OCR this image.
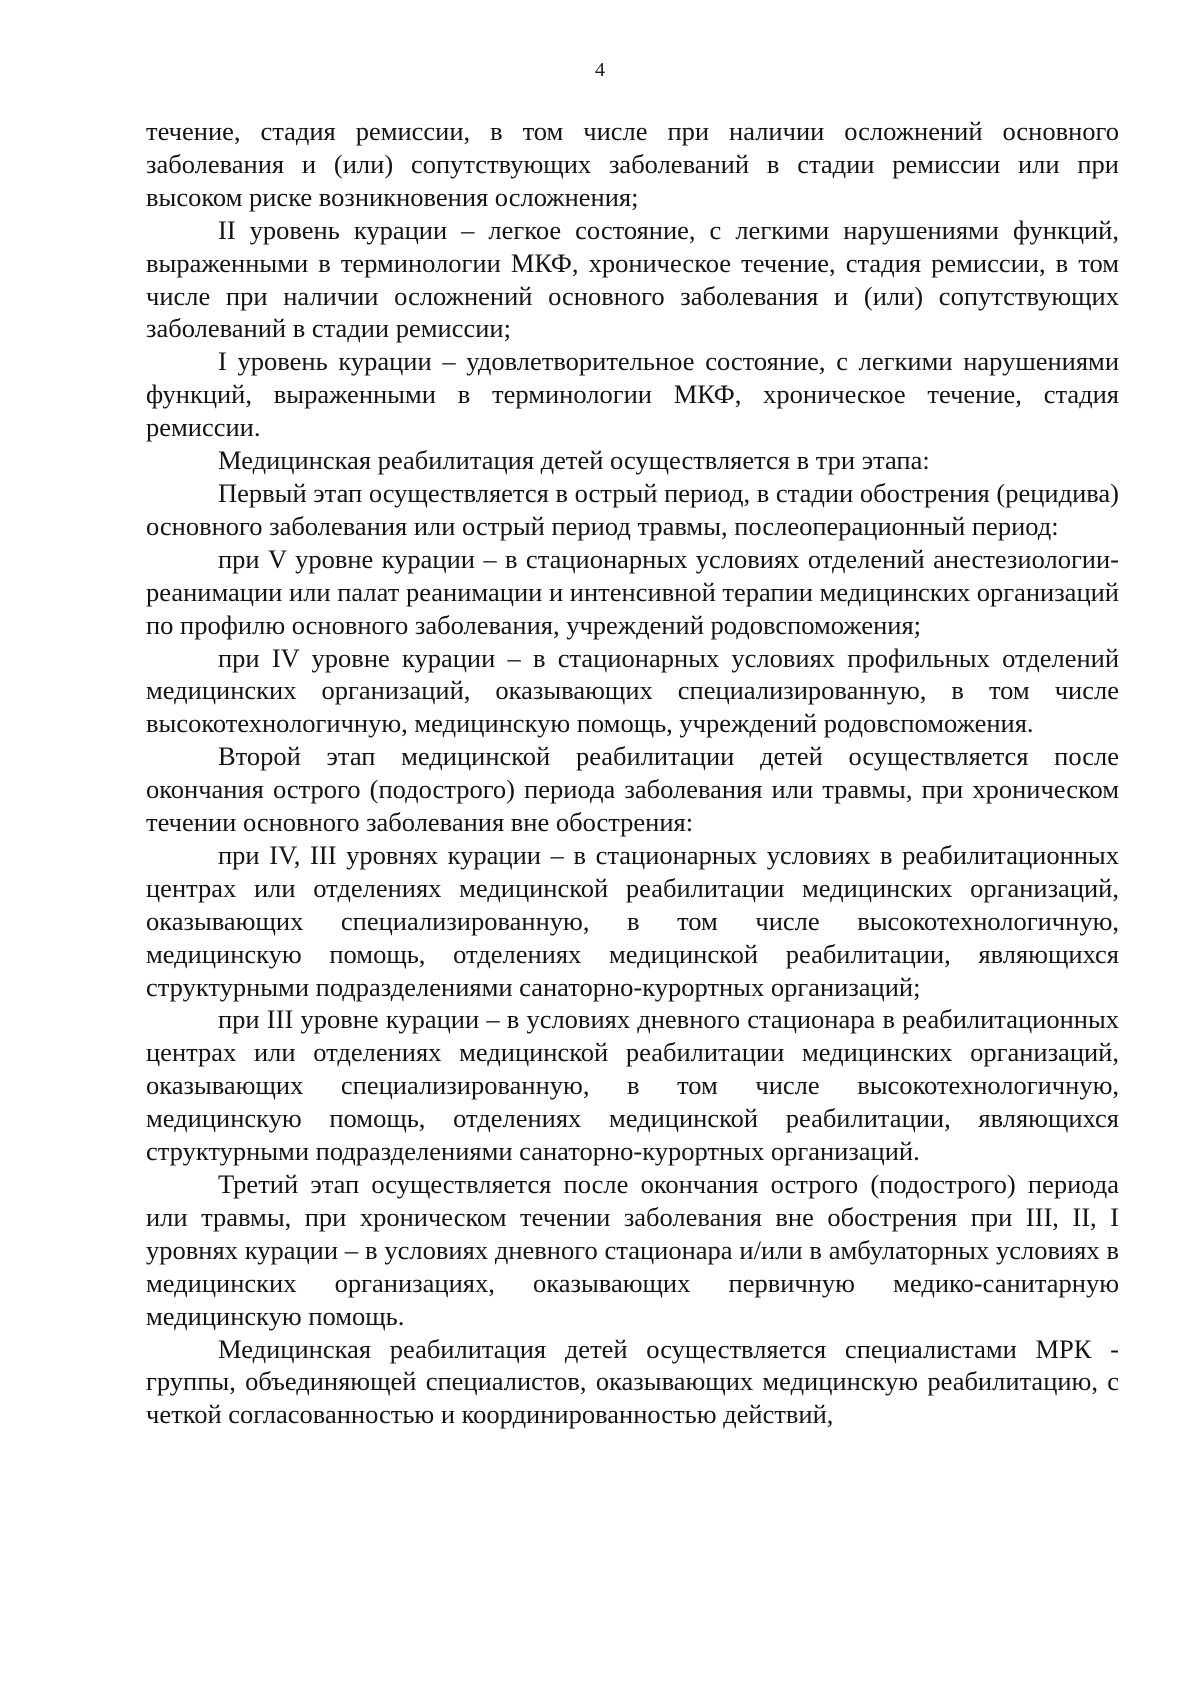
4

течение, стадия ремиссии, в том числе при наличии осложнений основного заболевания и (или) сопутствующих заболеваний в стадии ремиссии или при высоком риске возникновения осложнения;

II уровень курации – легкое состояние, с легкими нарушениями функций, выраженными в терминологии МКФ, хроническое течение, стадия ремиссии, в том числе при наличии осложнений основного заболевания и (или) сопутствующих заболеваний в стадии ремиссии;

I уровень курации – удовлетворительное состояние, с легкими нарушениями функций, выраженными в терминологии МКФ, хроническое течение, стадия ремиссии.

Медицинская реабилитация детей осуществляется в три этапа:

Первый этап осуществляется в острый период, в стадии обострения (рецидива) основного заболевания или острый период травмы, послеоперационный период:

при V уровне курации – в стационарных условиях отделений анестезиологии-реанимации или палат реанимации и интенсивной терапии медицинских организаций по профилю основного заболевания, учреждений родовспоможения;

при IV уровне курации – в стационарных условиях профильных отделений медицинских организаций, оказывающих специализированную, в том числе высокотехнологичную, медицинскую помощь, учреждений родовспоможения.

Второй этап медицинской реабилитации детей осуществляется после окончания острого (подострого) периода заболевания или травмы, при хроническом течении основного заболевания вне обострения:

при IV, III уровнях курации – в стационарных условиях в реабилитационных центрах или отделениях медицинской реабилитации медицинских организаций, оказывающих специализированную, в том числе высокотехнологичную, медицинскую помощь, отделениях медицинской реабилитации, являющихся структурными подразделениями санаторно-курортных организаций;

при III уровне курации – в условиях дневного стационара в реабилитационных центрах или отделениях медицинской реабилитации медицинских организаций, оказывающих специализированную, в том числе высокотехнологичную, медицинскую помощь, отделениях медицинской реабилитации, являющихся структурными подразделениями санаторно-курортных организаций.

Третий этап осуществляется после окончания острого (подострого) периода или травмы, при хроническом течении заболевания вне обострения при III, II, I уровнях курации – в условиях дневного стационара и/или в амбулаторных условиях в медицинских организациях, оказывающих первичную медико-санитарную медицинскую помощь.

Медицинская реабилитация детей осуществляется специалистами МРК - группы, объединяющей специалистов, оказывающих медицинскую реабилитацию, с четкой согласованностью и координированностью действий,
